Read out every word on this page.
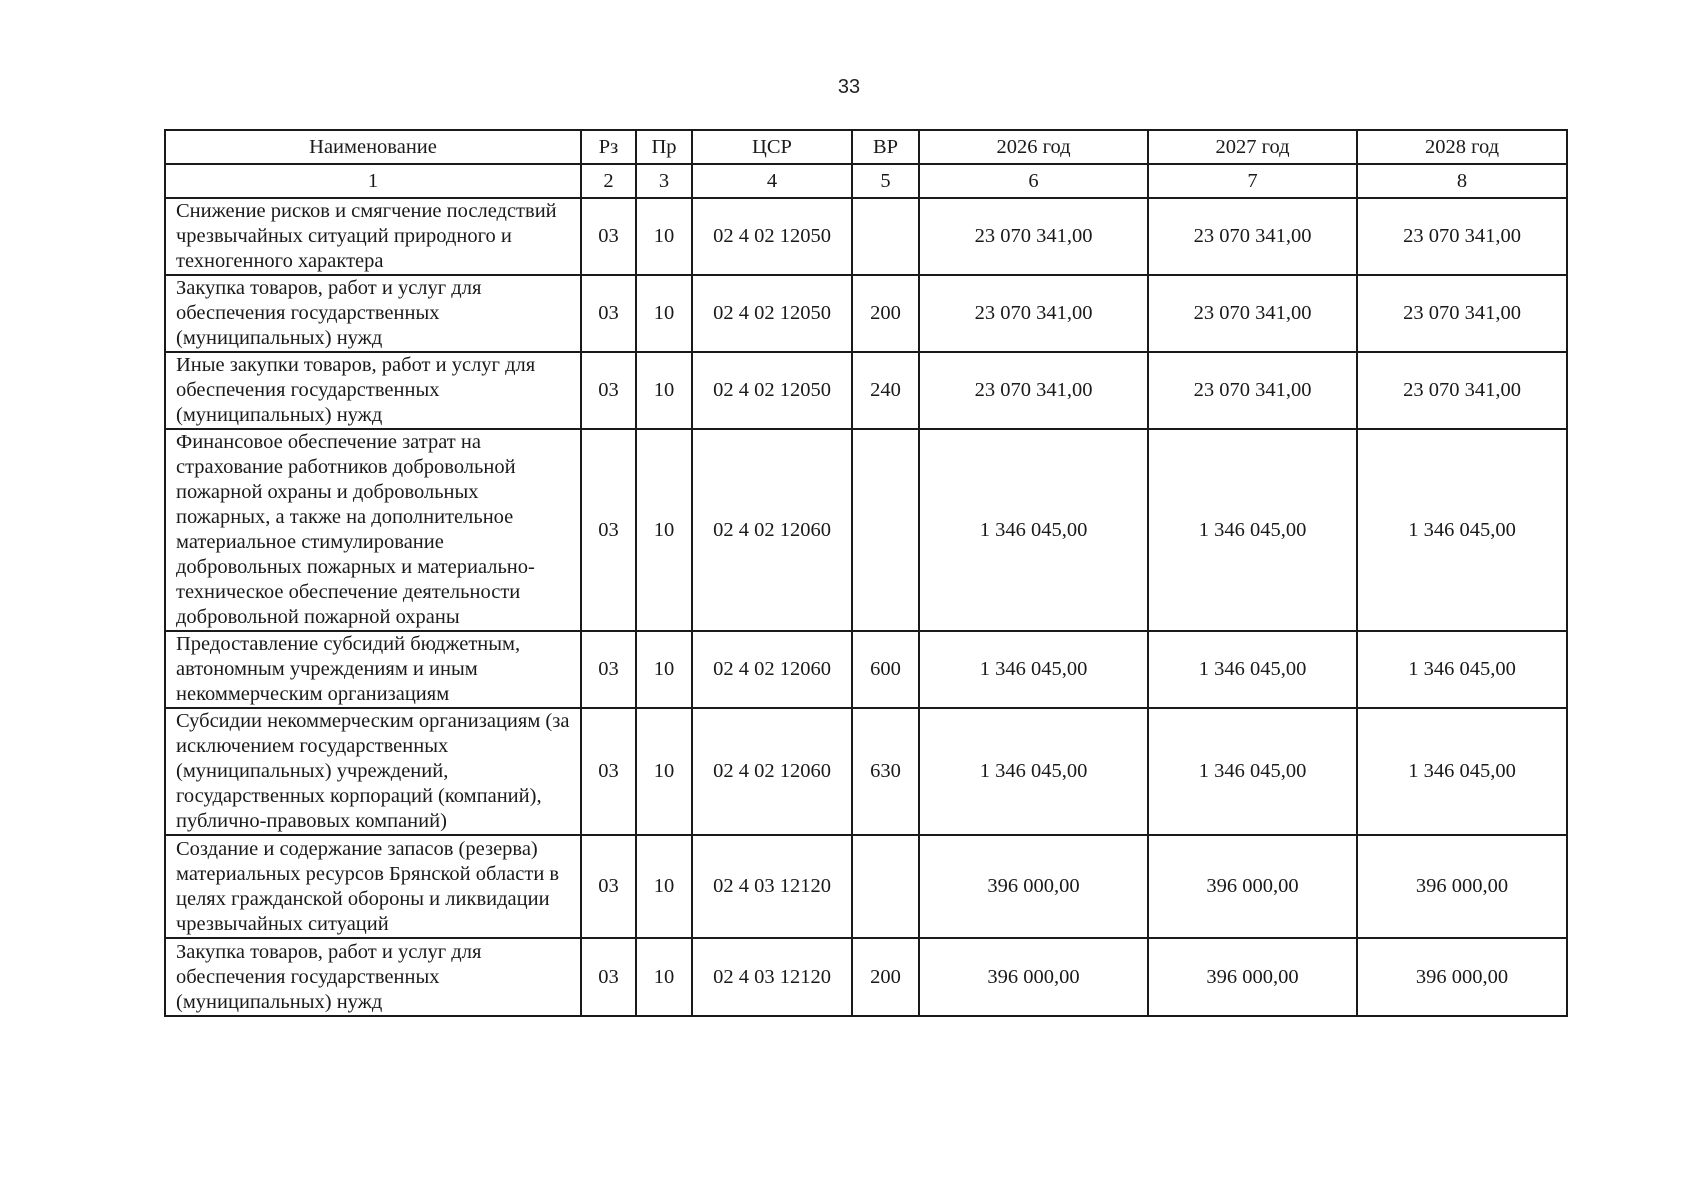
33
Наименование	Рз	Пр	ЦСР	ВР	2026 год	2027 год	2028 год
1	2	3	4	5	6	7	8
Снижение рисков и смягчение последствий чрезвычайных ситуаций природного и техногенного характера	03	10	02 4 02 12050		23 070 341,00	23 070 341,00	23 070 341,00
Закупка товаров, работ и услуг для обеспечения государственных (муниципальных) нужд	03	10	02 4 02 12050	200	23 070 341,00	23 070 341,00	23 070 341,00
Иные закупки товаров, работ и услуг для обеспечения государственных (муниципальных) нужд	03	10	02 4 02 12050	240	23 070 341,00	23 070 341,00	23 070 341,00
Финансовое обеспечение затрат на страхование работников добровольной пожарной охраны и добровольных пожарных, а также на дополнительное материальное стимулирование добровольных пожарных и материально-техническое обеспечение деятельности добровольной пожарной охраны	03	10	02 4 02 12060		1 346 045,00	1 346 045,00	1 346 045,00
Предоставление субсидий бюджетным, автономным учреждениям и иным некоммерческим организациям	03	10	02 4 02 12060	600	1 346 045,00	1 346 045,00	1 346 045,00
Субсидии некоммерческим организациям (за исключением государственных (муниципальных) учреждений, государственных корпораций (компаний), публично-правовых компаний)	03	10	02 4 02 12060	630	1 346 045,00	1 346 045,00	1 346 045,00
Создание и содержание запасов (резерва) материальных ресурсов Брянской области в целях гражданской обороны и ликвидации чрезвычайных ситуаций	03	10	02 4 03 12120		396 000,00	396 000,00	396 000,00
Закупка товаров, работ и услуг для обеспечения государственных (муниципальных) нужд	03	10	02 4 03 12120	200	396 000,00	396 000,00	396 000,00
